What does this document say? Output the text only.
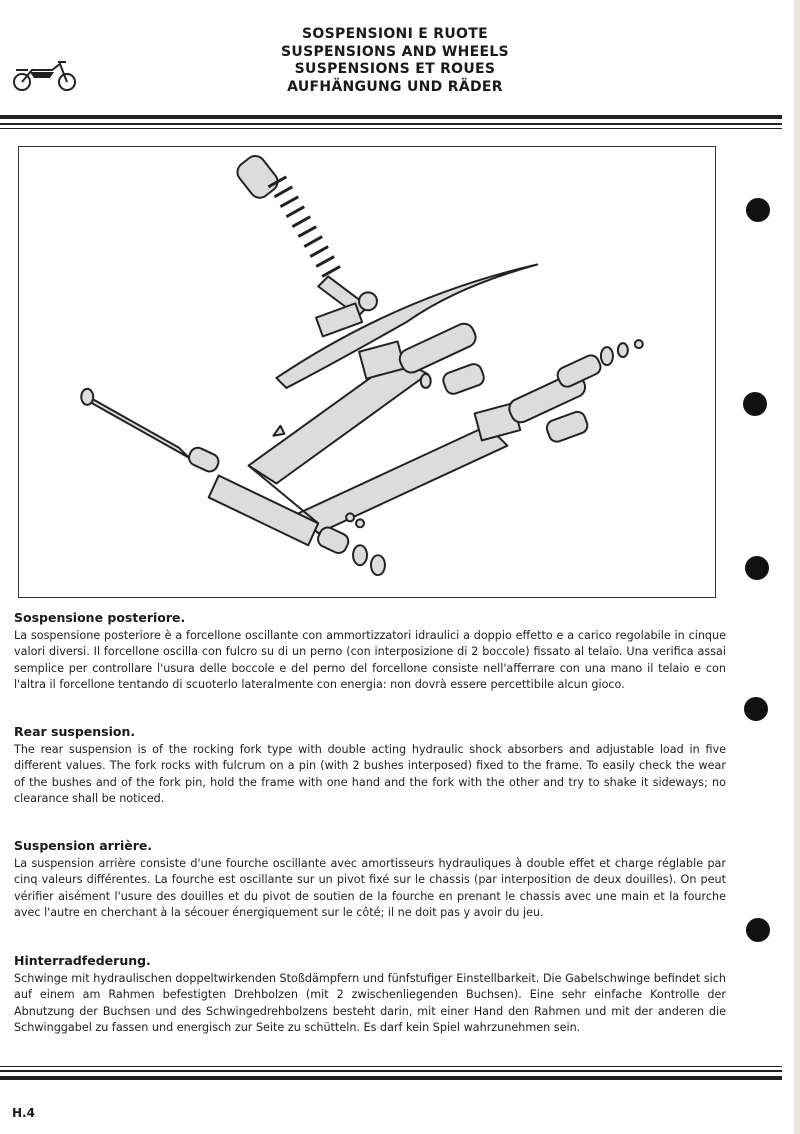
SOSPENSIONI E RUOTE
SUSPENSIONS AND WHEELS
SUSPENSIONS ET ROUES
AUFHÄNGUNG UND RÄDER
Sospensione posteriore.

La sospensione posteriore è a forcellone oscillante con ammortizzatori idraulici a doppio effetto e a carico regolabile in cinque valori diversi. Il forcellone oscilla con fulcro su di un perno (con interposizione di 2 boccole) fissato al telaio. Una verifica assai semplice per controllare l'usura delle boccole e del perno del forcellone consiste nell'afferrare con una mano il telaio e con l'altra il forcellone tentando di scuoterlo lateralmente con energia: non dovrà essere percettibile alcun gioco.

Rear suspension.

The rear suspension is of the rocking fork type with double acting hydraulic shock absorbers and adjustable load in five different values. The fork rocks with fulcrum on a pin (with 2 bushes interposed) fixed to the frame. To easily check the wear of the bushes and of the fork pin, hold the frame with one hand and the fork with the other and try to shake it sideways; no clearance shall be noticed.

Suspension arrière.

La suspension arrière consiste d'une fourche oscillante avec amortisseurs hydrauliques à double effet et charge réglable par cinq valeurs différentes. La fourche est oscillante sur un pivot fixé sur le chassis (par interposition de deux douilles). On peut vérifier aisément l'usure des douilles et du pivot de soutien de la fourche en prenant le chassis avec une main et la fourche avec l'autre en cherchant à la sécouer énergiquement sur le côté; il ne doit pas y avoir du jeu.

Hinterradfederung.

Schwinge mit hydraulischen doppeltwirkenden Stoßdämpfern und fünfstufiger Einstellbarkeit. Die Gabelschwinge befindet sich auf einem am Rahmen befestigten Drehbolzen (mit 2 zwischenliegenden Buchsen). Eine sehr einfache Kontrolle der Abnutzung der Buchsen und des Schwingedrehbolzens besteht darin, mit einer Hand den Rahmen und mit der anderen die Schwinggabel zu fassen und energisch zur Seite zu schütteln. Es darf kein Spiel wahrzunehmen sein.

H.4
